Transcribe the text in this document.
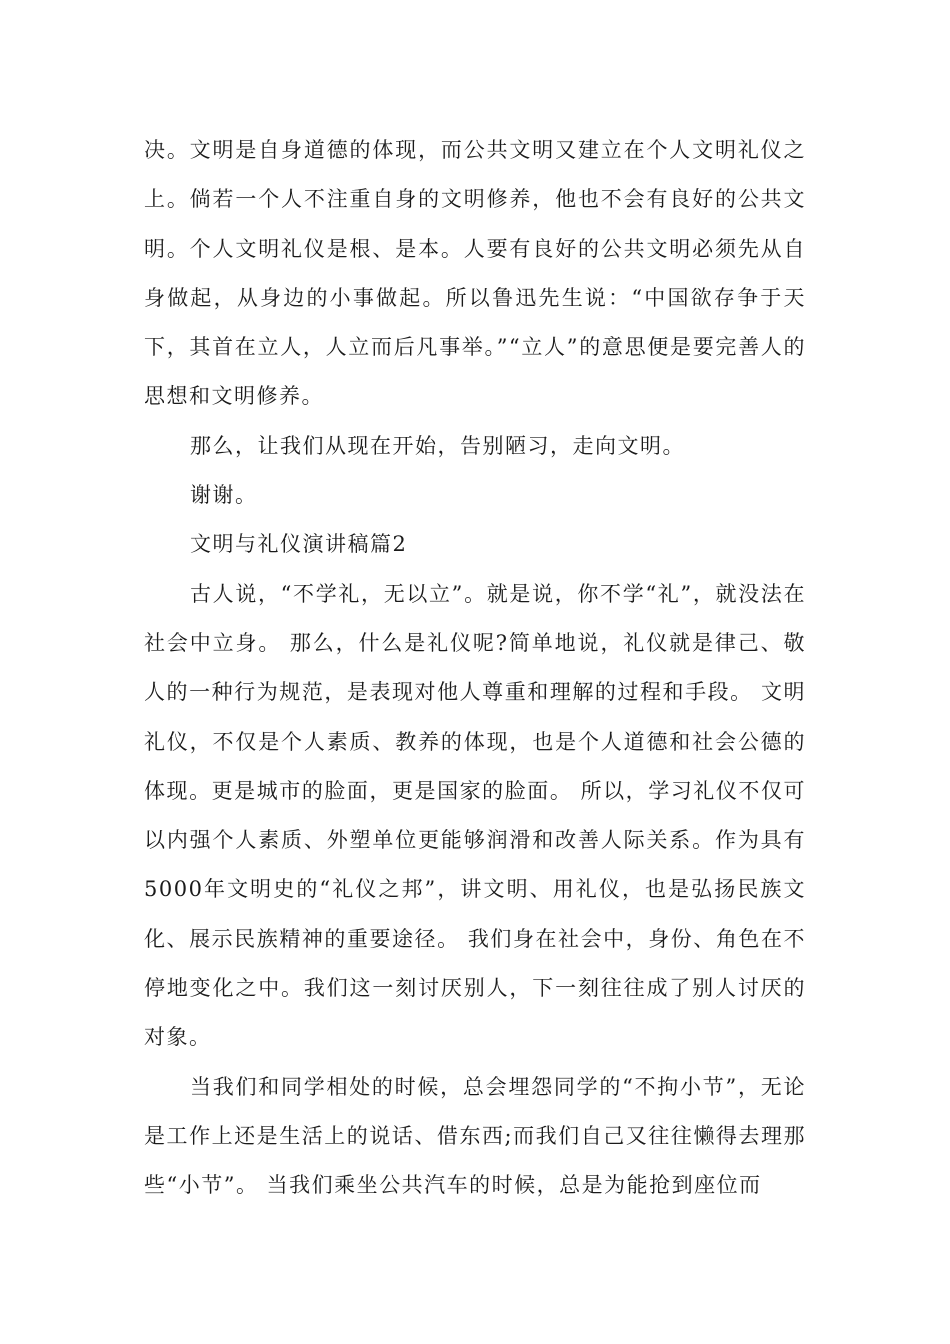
决。文明是自身道德的体现，而公共文明又建立在个人文明礼仪之上。倘若一个人不注重自身的文明修养，他也不会有良好的公共文明。个人文明礼仪是根、是本。人要有良好的公共文明必须先从自身做起，从身边的小事做起。所以鲁迅先生说：“中国欲存争于天下，其首在立人，人立而后凡事举。”“立人”的意思便是要完善人的思想和文明修养。

那么，让我们从现在开始，告别陋习，走向文明。

谢谢。

文明与礼仪演讲稿篇2

古人说，“不学礼，无以立”。就是说，你不学“礼”，就没法在社会中立身。 那么，什么是礼仪呢?简单地说，礼仪就是律己、敬人的一种行为规范，是表现对他人尊重和理解的过程和手段。 文明礼仪，不仅是个人素质、教养的体现，也是个人道德和社会公德的体现。更是城市的脸面，更是国家的脸面。 所以，学习礼仪不仅可以内强个人素质、外塑单位更能够润滑和改善人际关系。作为具有5000年文明史的“礼仪之邦”，讲文明、用礼仪，也是弘扬民族文化、展示民族精神的重要途径。 我们身在社会中，身份、角色在不停地变化之中。我们这一刻讨厌别人，下一刻往往成了别人讨厌的对象。

当我们和同学相处的时候，总会埋怨同学的“不拘小节”，无论是工作上还是生活上的说话、借东西;而我们自己又往往懒得去理那些“小节”。 当我们乘坐公共汽车的时候，总是为能抢到座位而
